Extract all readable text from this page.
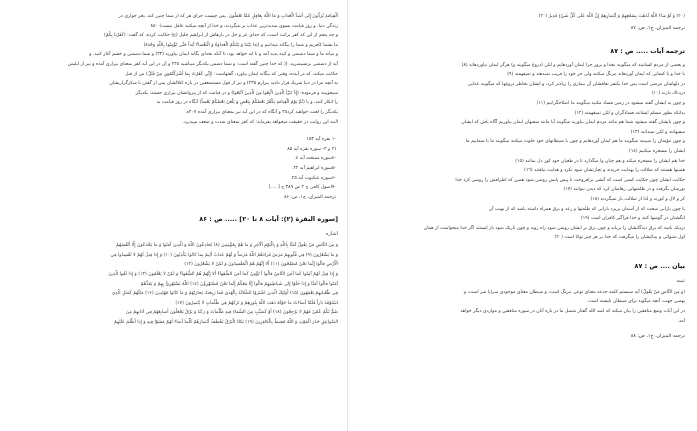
(٢٠) وَ لَوْ شاءَ اللَّهُ لَذَهَبَ بِسَمْعِهِمْ وَ أَبْصارِهِمْ إِنَّ اللَّهَ عَلى‏ كُلِّ شَيْ‏ءٍ قَدِيرٌ (٢٠)
ترجمه الميزان، ج‏١، ص: ٨٧
ترجمه آيات ..... ص : ٨٧
و بعضى از مردم كسانيند كه ميگويند بخدا و بروز جزا ايمان آورده‏ايم و لكن (دروغ ميگويند و) هرگز ايمان نياورده‏اند (٨)
با خدا و با كسانى كه ايمان آورده‏اند نيرنگ ميكنند ولى جز خود را فريب نميدهند و نميفهمند (٩)
در دلهاشان مرضى است پس خدا بكيفر نفاقشان آن بيمارى را زيادتر كرد، و ايشان بخاطر دروغها كه ميگويند عذابى
دردناك دارند (١٠)
و چون به ايشان گفته ميشود در زمين فساد مكنيد ميگويند ما اصلاحگرانيم (١١)
بدانكه بطور مسلم ايشانند فسادگران و لكن نميفهمند (١٢)
و چون بايشان گفته ميشود شما هم مانند مردم ايمان بياوريد ميگويند آيا مانند سفيهان ايمان بياوريم آگاه باش كه ايشان
سفيهانند و لكن نميدانند (١٣)
و چون مؤمنان را ميبينند ميگويند ما هم ايمان آورده‏ايم و چون با شيطانهاى خود خلوت ميكنند ميگويند ما با شماييم ما
ايشان را مسخره ميكنيم (١٤)
خدا هم ايشان را مسخره ميكند و هم چنان وا ميگذارد تا در طغيان خود كور دل بمانند (١٥)
همين‏ها هستند كه ضلالت را بهدايت خريدند و تجارتشان سود نكرد و هدايت نيافتند (١٦)
حكايت ايشان چون حكايت كسى است كه آتشى برافروخت تا پيش پايش روشن شود همين كه اطرافش را روشن كرد خدا
نورشان بگرفت و در ظلمتهايى رهاشان كرد كه ديدن نتوانند (١٧)
كر و لال و كورند و لذا از ضلالت باز نميگردند (١٨)
يا چون بارانى سخت كه از آسمان بريزد بارانى كه ظلمتها و رعد و برق همراه داشته باشد كه از نهيب آن
انگشتان در گوشها كنند و خدا فراگير كافران است (١٩)
نزديك باشد كه برق ديدگانشان را بربايد و چون برق بر ايشان روشن شود راه روند و چون تاريك شود باز ايستند اگر خدا ميخواست از همان
اول شنوائى و بينائيشان را ميگرفت كه خدا بر هر چيز توانا است (٢٠)
بيان .... ص : ٨٧
تنبيه
(و مِنَ النَّاسِ مَنْ يَقُولُ) آيه سيستم كلمه خدعه معناى نوعى نيرنگ است، و شيطان معناى موجودى سرايا شر است، و
بهمين جهت، آنچه ميگويد براى شيطان ناپسند است.
در اين آيات وضع منافقين را بيان ميكند كه اشد الله گفتار متصل ما در باره آنان در سوره منافقين و مواردى ديگر خواهد
آمد.
ترجمه الميزان، ج‏١، ص: ٨٨
الْقِيامَةِ يُرَدُّونَ إِلى‏ أَشَدِّ الْعَذابِ وَ مَا اللَّهُ بِغافِلٍ عَمَّا تَعْمَلُونَ. پس چيست جزاى هر كه از شما چنين كند، بجز خوارى در
زندگى دنيا. و روز قيامت بسوى شديدترين عذاب بر ميگردند، و خدا از آنچه ميكنيد غافل نيست) ٨٥٠
و چه پنجم از اين كه كفر برانت است، كه خداى عز و جل در بارهاش از ابراهيم خليل (ع) حكايت كرده، كه گفت: (كَفَرْنا بِكُمْ)
ما بشما كافريم و شما را بيگانه ميدانيم و (بَدا بَيْنَنا وَ بَيْنَكُمُ الْعَداوَةُ وَ الْبَغْضاءُ أَبَداً حَتَّى تُؤْمِنُوا بِاللَّهِ وَحْدَهُ)
و ميانه ما و شما دشمنى و كينه پديد آمد و تا ابد خواهد بود، تا آنكه بخداى يگانه ايمان بياوريد (٣٣) و شما دشمنى و خشم آغاز كنيد. و
آيه از دشمنى برتسيم‏بريد. (( كه خدا چنين گفته است: و شما دشمن يكديگر ميباشيد ٢٣٥ و آن در اين آيه كفر بمعناى بيزارى آمده و نيز از ابليس
حكايت ميكند، كه در آينده، وقتى که بيگانه ايمان بياورد، گفته‏است: (إِنِّي كَفَرْتُ بِما أَشْرَكْتُمُونِ مِنْ قَبْلُ) من از قبل
به آنچه مرا در دنيا شريك قرار داديد بيزارم ٢٣۵) و نيز از قول مستضعفين در باره اغلال‏شان پس از گفتن با شكرگزاريشان
سيجوييند و فرموده: (إِذْ تَبَرَّأَ الَّذِينَ اتُّبِعُوا مِنَ الَّذِينَ اتَّبَعُوا) و در قيامت كه از پيروانشان بيزارى جسته، يكديگر
را انكار كنند، و يا (ثُمَّ يَوْمَ الْقِيامَةِ يَكْفُرُ بَعْضُكُمْ بِبَعْضٍ وَ يَلْعَنُ بَعْضُكُمْ بَعْضاً) آنگاه در روز قيامت به
يكديگر را لعنت خواهيد كرد٣٥ و آنگاه كه در اين آيه نيز بمعناى بيزارى آمده ٢٠٧ه.
البته اين روايت در حقيقت ميخواهد بفرمايد: كه كفر بمعناى شدت و ضعف ميپذيرد.
-١ بقره آيه ١۵٣
(٢ و ٣- سوره بقره آيه ٨۵
-٤سوره ممتحنه آيه ٤.
-۵سوره ابراهيم آيه ٢٢.
-۶سوره عنكبوت آيه ٢۵.
-٧اصول كافى ج ٢ ص ٣٨٩ ح [.....]
ترجمه الميزان، ج‏١، ص: ٨۶
[سوره البقرة (٢): آيات ٨ تا ٢٠] ..... ص : ٨۶
اشاره
وَ مِنَ النَّاسِ مَنْ يَقُولُ آمَنَّا بِاللَّهِ وَ بِالْيَوْمِ الْآخِرِ وَ ما هُمْ بِمُؤْمِنِينَ (٨) يُخادِعُونَ اللَّهَ وَ الَّذِينَ آمَنُوا وَ ما يَخْدَعُونَ إِلَّا أَنْفُسَهُمْ
وَ ما يَشْعُرُونَ (٩) فِي قُلُوبِهِمْ مَرَضٌ فَزادَهُمُ اللَّهُ مَرَضاً وَ لَهُمْ عَذابٌ أَلِيمٌ بِما كانُوا يَكْذِبُونَ (١٠) وَ إِذا قِيلَ لَهُمْ لا تُفْسِدُوا فِي
الْأَرْضِ قالُوا إِنَّما نَحْنُ مُصْلِحُونَ (١١) أَلا إِنَّهُمْ هُمُ الْمُفْسِدُونَ وَ لكِنْ لا يَشْعُرُونَ (١٢)
وَ إِذا قِيلَ لَهُمْ آمِنُوا كَما آمَنَ النَّاسُ قالُوا أَ نُؤْمِنُ كَما آمَنَ السُّفَهاءُ أَلا إِنَّهُمْ هُمُ السُّفَهاءُ وَ لكِنْ لا يَعْلَمُونَ (١٣) وَ إِذا لَقُوا الَّذِينَ
آمَنُوا قالُوا آمَنَّا وَ إِذا خَلَوْا إِلى‏ شَياطِينِهِمْ قالُوا إِنَّا مَعَكُمْ إِنَّما نَحْنُ مُسْتَهْزِؤُنَ (١٤) اللَّهُ يَسْتَهْزِئُ بِهِمْ وَ يَمُدُّهُمْ
فِي طُغْيانِهِمْ يَعْمَهُونَ (١۵) أُولئِكَ الَّذِينَ اشْتَرَوُا الضَّلالَةَ بِالْهُدى‏ فَما رَبِحَتْ تِجارَتُهُمْ وَ ما كانُوا مُهْتَدِينَ (١۶) مَثَلُهُمْ كَمَثَلِ الَّذِي
اسْتَوْقَدَ ناراً فَلَمَّا أَضاءَتْ ما حَوْلَهُ ذَهَبَ اللَّهُ بِنُورِهِمْ وَ تَرَكَهُمْ فِي ظُلُماتٍ لا يُبْصِرُونَ (١٧)
صُمٌّ بُكْمٌ عُمْيٌ فَهُمْ لا يَرْجِعُونَ (١٨) أَوْ كَصَيِّبٍ مِنَ السَّماءِ فِيهِ ظُلُماتٌ وَ رَعْدٌ وَ بَرْقٌ يَجْعَلُونَ أَصابِعَهُمْ فِي آذانِهِمْ مِنَ
الصَّواعِقِ حَذَرَ الْمَوْتِ وَ اللَّهُ مُحِيطٌ بِالْكافِرِينَ (١٩) يَكادُ الْبَرْقُ يَخْطَفُ أَبْصارَهُمْ كُلَّما أَضاءَ لَهُمْ مَشَوْا فِيهِ وَ إِذا أَظْلَمَ عَلَيْهِمْ
